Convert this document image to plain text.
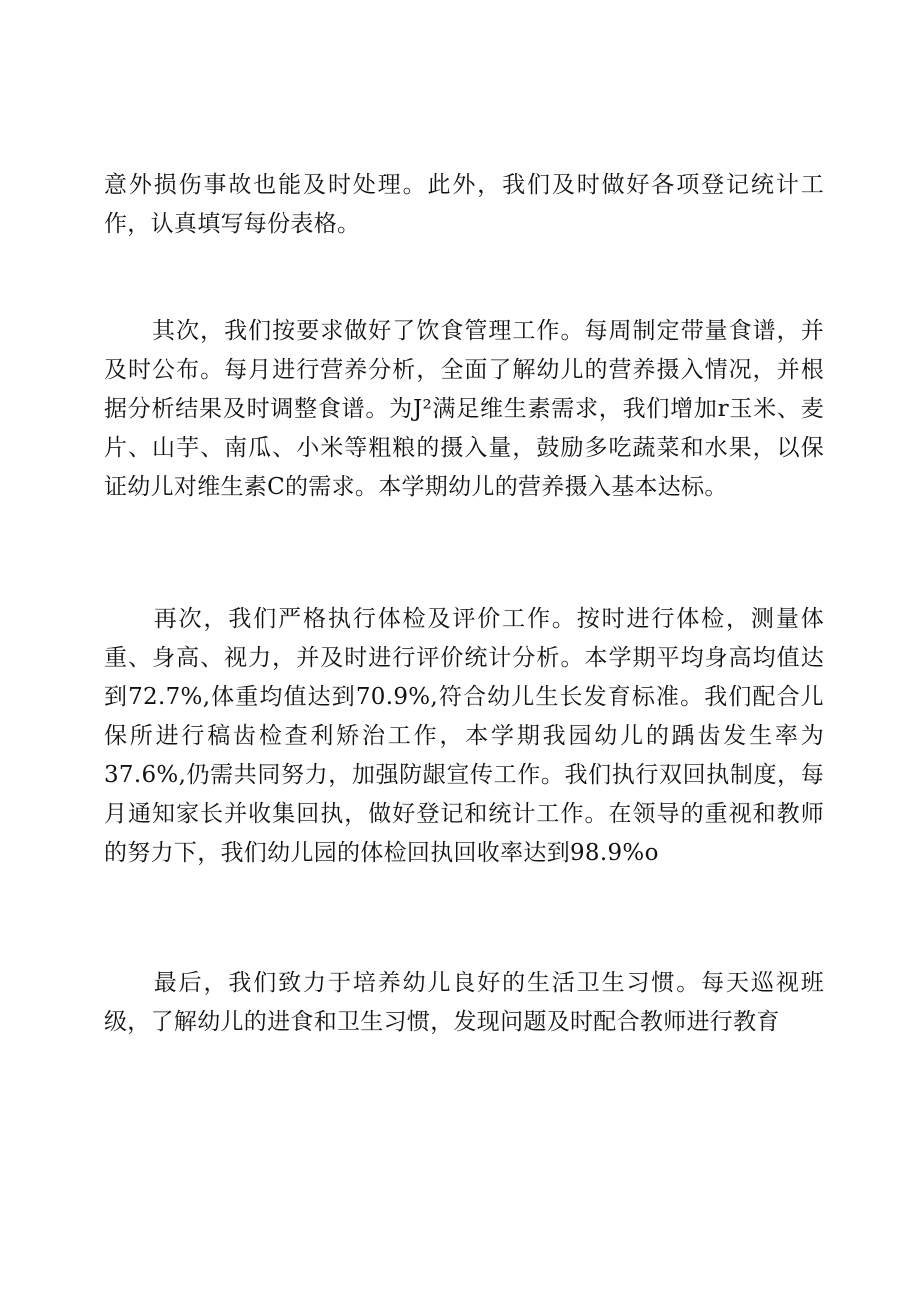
意外损伤事故也能及时处理。此外，我们及时做好各项登记统计工作，认真填写每份表格。

　　其次，我们按要求做好了饮食管理工作。每周制定带量食谱，并及时公布。每月进行营养分析，全面了解幼儿的营养摄入情况，并根据分析结果及时调整食谱。为J²满足维生素需求，我们增加r玉米、麦片、山芋、南瓜、小米等粗粮的摄入量，鼓励多吃蔬菜和水果，以保证幼儿对维生素C的需求。本学期幼儿的营养摄入基本达标。

　　再次，我们严格执行体检及评价工作。按时进行体检，测量体重、身高、视力，并及时进行评价统计分析。本学期平均身高均值达到72.7%,体重均值达到70.9%,符合幼儿生长发育标准。我们配合儿保所进行稿齿检查利矫治工作，本学期我园幼儿的踽齿发生率为37.6%,仍需共同努力，加强防龈宣传工作。我们执行双回执制度，每月通知家长并收集回执，做好登记和统计工作。在领导的重视和教师的努力下，我们幼儿园的体检回执回收率达到98.9%o

　　最后，我们致力于培养幼儿良好的生活卫生习惯。每天巡视班级，了解幼儿的进食和卫生习惯，发现问题及时配合教师进行教育
